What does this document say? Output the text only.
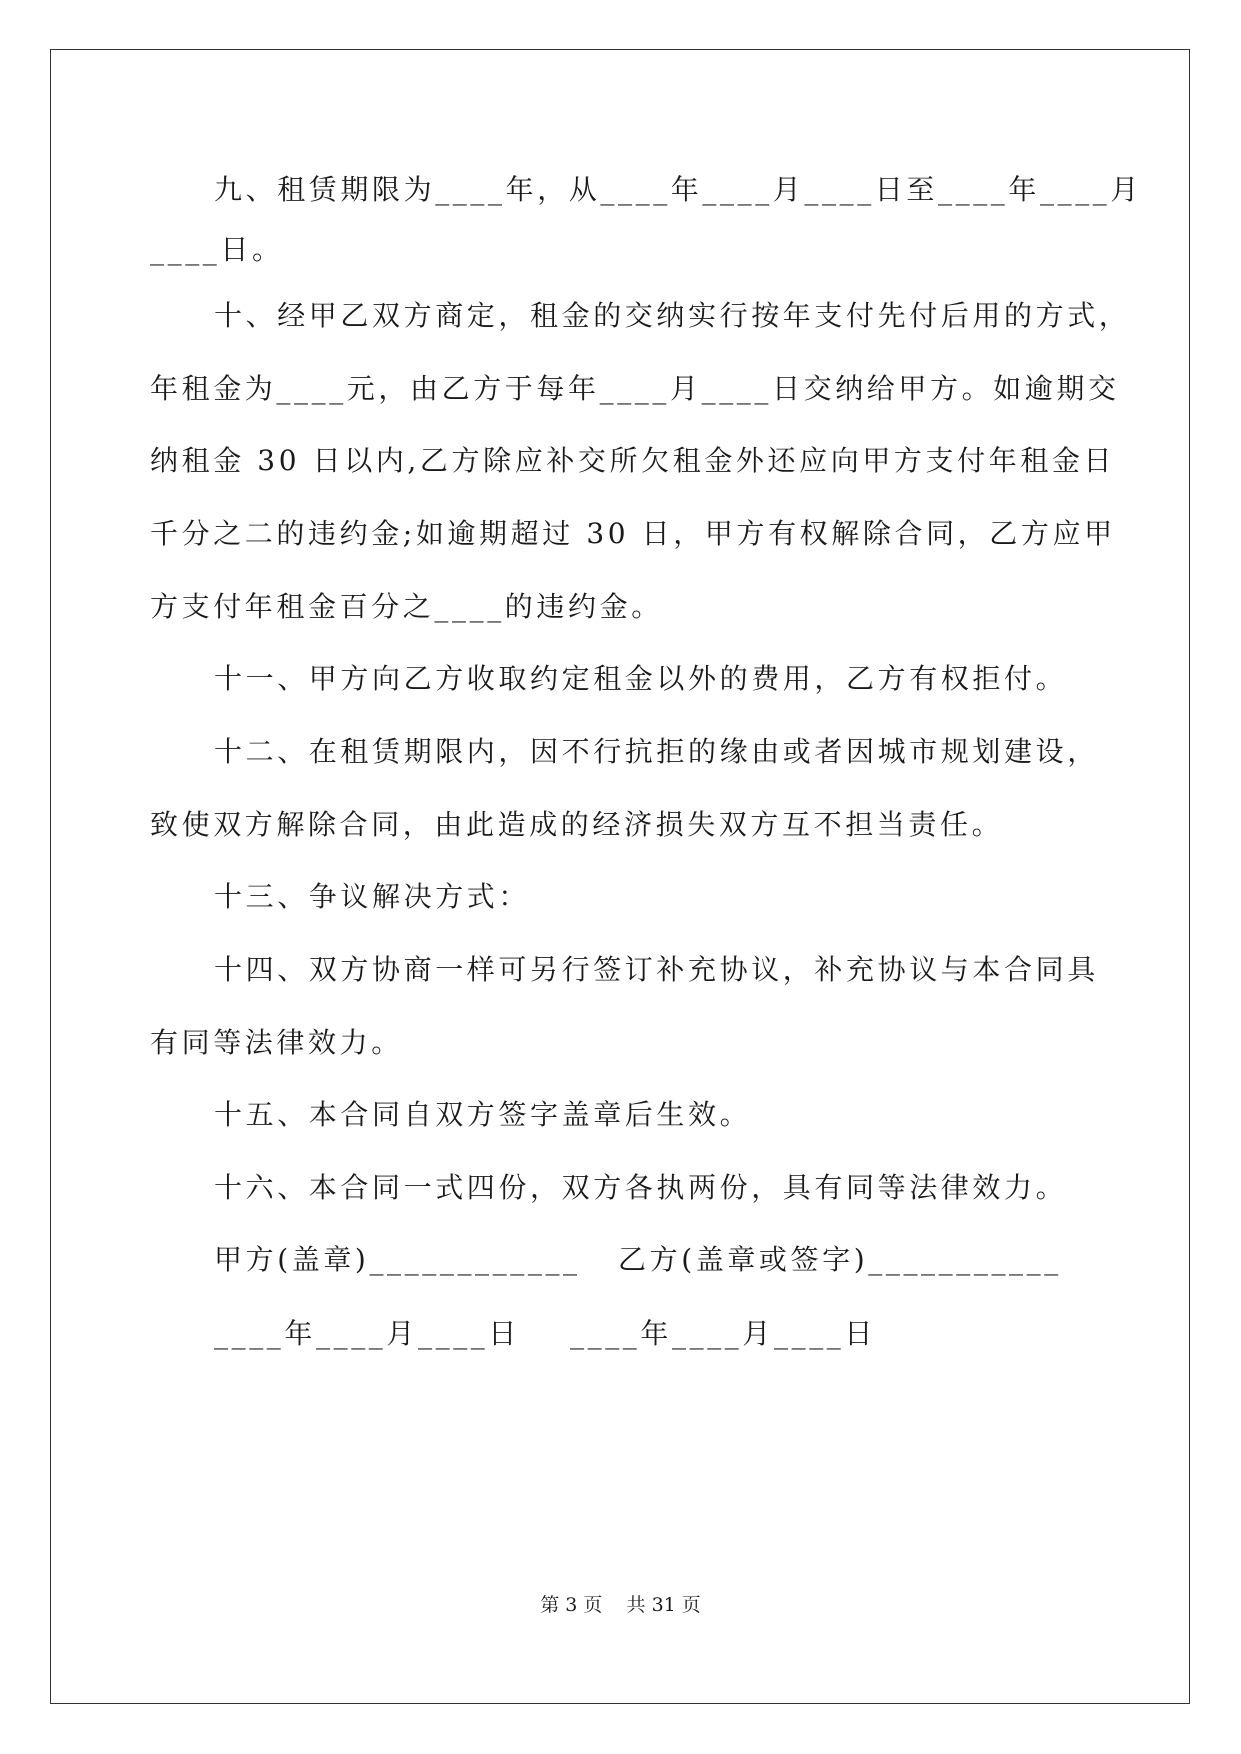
九、租赁期限为____年，从____年____月____日至____年____月
____日。
十、经甲乙双方商定，租金的交纳实行按年支付先付后用的方式，
年租金为____元，由乙方于每年____月____日交纳给甲方。如逾期交
纳租金 30 日以内,乙方除应补交所欠租金外还应向甲方支付年租金日
千分之二的违约金;如逾期超过 30 日，甲方有权解除合同，乙方应甲
方支付年租金百分之____的违约金。
十一、甲方向乙方收取约定租金以外的费用，乙方有权拒付。
十二、在租赁期限内，因不行抗拒的缘由或者因城市规划建设，
致使双方解除合同，由此造成的经济损失双方互不担当责任。
十三、争议解决方式：
十四、双方协商一样可另行签订补充协议，补充协议与本合同具
有同等法律效力。
十五、本合同自双方签字盖章后生效。
十六、本合同一式四份，双方各执两份，具有同等法律效力。
甲方(盖章)____________ 乙方(盖章或签字)___________
____年____月____日 ____年____月____日
第 3 页    共 31 页
